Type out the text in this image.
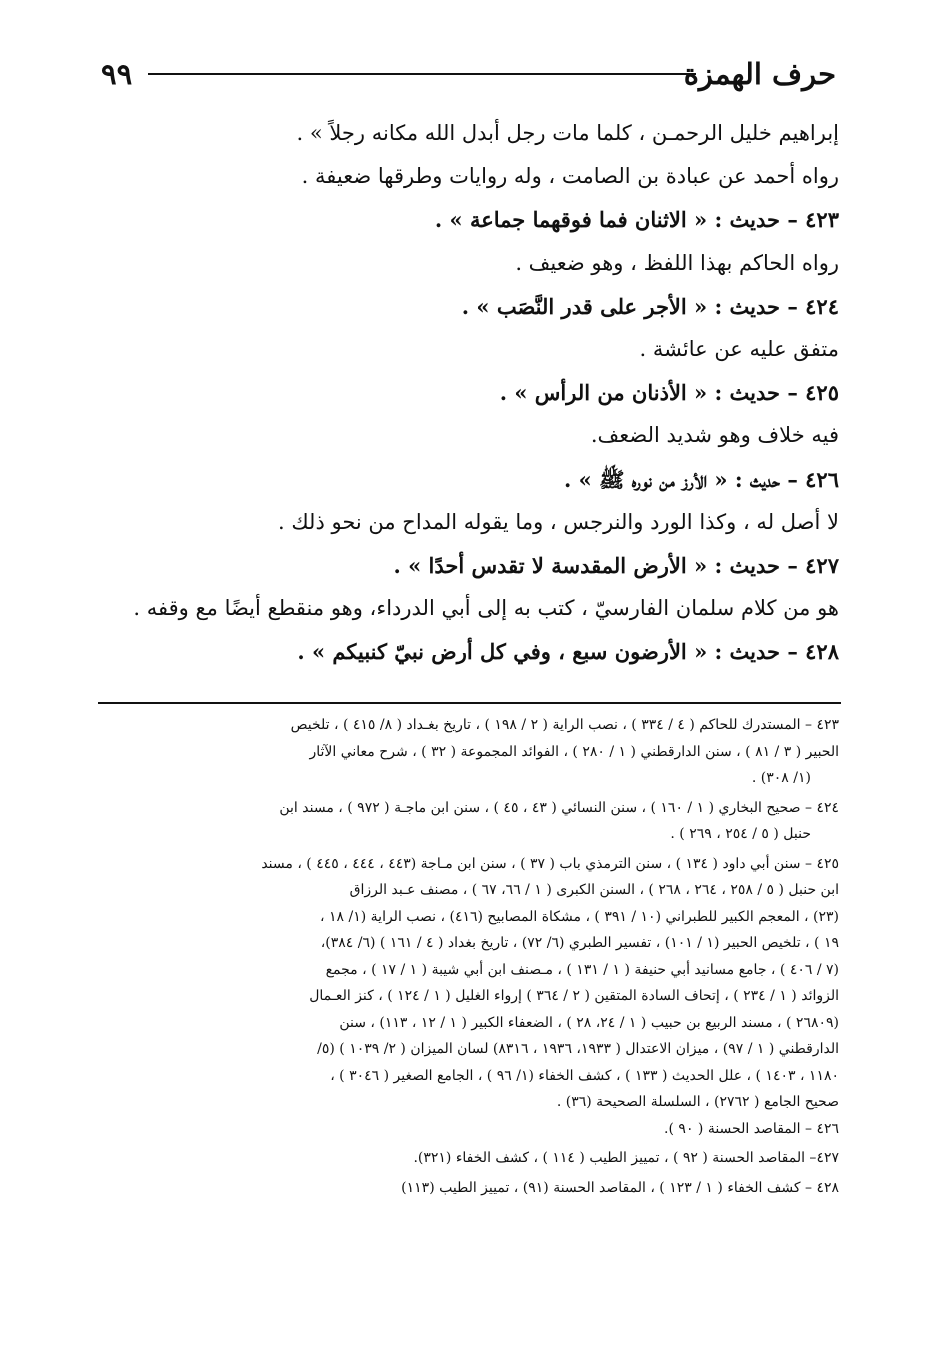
حرف الهمزة
٩٩
إبراهيم خليل الرحمـن ، كلما مات رجل أبدل الله مكانه رجلاً » .
رواه أحمد عن عبادة بن الصامت ، وله روايات وطرقها ضعيفة .
٤٢٣ – حديث : « الاثنان فما فوقهما جماعة » .
رواه الحاكم بهذا اللفظ ، وهو ضعيف .
٤٢٤ – حديث : « الأجر على قدر النَّصَب » .
متفق عليه عن عائشة .
٤٢٥ – حديث : « الأذنان من الرأس » .
فيه خلاف وهو شديد الضعف.
٤٢٦ – حديث : « الأرز من نوره ﷺ » .
لا أصل له ، وكذا الورد والنرجس ، وما يقوله المداح من نحو ذلك .
٤٢٧ – حديث : « الأرض المقدسة لا تقدس أحدًا » .
هو من كلام سلمان الفارسيّ ، كتب به إلى أبي الدرداء، وهو منقطع أيضًا مع وقفه .
٤٢٨ – حديث : « الأرضون سبع ، وفي كل أرض نبيّ كنبيكم » .
٤٢٣ – المستدرك للحاكم ( ٤ / ٣٣٤ ) ، نصب الراية ( ٢ / ١٩٨ ) ، تاريخ بغـداد ( ٨/ ٤١٥ ) ، تلخيص
الحبير ( ٣ / ٨١ ) ، سنن الدارقطني ( ١ / ٢٨٠ ) ، الفوائد المجموعة ( ٣٢ ) ، شرح معاني الآثار
(١/ ٣٠٨) .
٤٢٤ – صحيح البخاري ( ١ / ١٦٠ ) ، سنن النسائي ( ٤٣ ، ٤٥ ) ، سنن ابن ماجـة ( ٩٧٢ ) ، مسند ابن
حنبل ( ٥ / ٢٥٤ ، ٢٦٩ ) .
٤٢٥ – سنن أبي داود ( ١٣٤ ) ، سنن الترمذي باب ( ٣٧ ) ، سنن ابن مـاجة (٤٤٣ ، ٤٤٤ ، ٤٤٥ ) ، مسند
ابن حنبل ( ٥ / ٢٥٨ ، ٢٦٤ ، ٢٦٨ ) ، السنن الكبرى ( ١ / ٦٦، ٦٧ ) ، مصنف عـبد الرزاق
(٢٣) ، المعجم الكبير للطبراني (١٠ / ٣٩١ ) ، مشكاة المصابيح (٤١٦) ، نصب الراية (١/ ١٨ ،
١٩ ) ، تلخيص الحبير (١ / ١٠١) ، تفسير الطبري (٦/ ٧٢) ، تاريخ بغداد ( ٤ / ١٦١ ) (٦/ ٣٨٤)،
(٧ / ٤٠٦ ) ، جامع مسانيد أبي حنيفة ( ١ / ١٣١ ) ، مـصنف ابن أبي شيبة ( ١ / ١٧ ) ، مجمع
الزوائد ( ١ / ٢٣٤ ) ، إتحاف السادة المتقين ( ٢ / ٣٦٤ ) إرواء الغليل ( ١ / ١٢٤ ) ، كنز العـمال
(٢٦٨٠٩ ) ، مسند الربيع بن حبيب ( ١ / ٢٤، ٢٨ ) ، الضعفاء الكبير ( ١ / ١٢ ، ١١٣) ، سنن
الدارقطني ( ١ / ٩٧) ، ميزان الاعتدال ( ١٩٣٣، ١٩٣٦ ، ٨٣١٦) لسان الميزان ( ٢/ ١٠٣٩ ) (٥/
١١٨٠ ، ١٤٠٣ ) ، علل الحديث ( ١٣٣ ) ، كشف الخفاء (١/ ٩٦ ) ، الجامع الصغير ( ٣٠٤٦ ) ،
صحيح الجامع ( ٢٧٦٢) ، السلسلة الصحيحة (٣٦) .
٤٢٦ – المقاصد الحسنة ( ٩٠ ).
٤٢٧– المقاصد الحسنة ( ٩٢ ) ، تمييز الطيب ( ١١٤ ) ، كشف الخفاء (٣٢١).
٤٢٨ – كشف الخفاء ( ١ / ١٢٣ ) ، المقاصد الحسنة (٩١) ، تمييز الطيب (١١٣)
